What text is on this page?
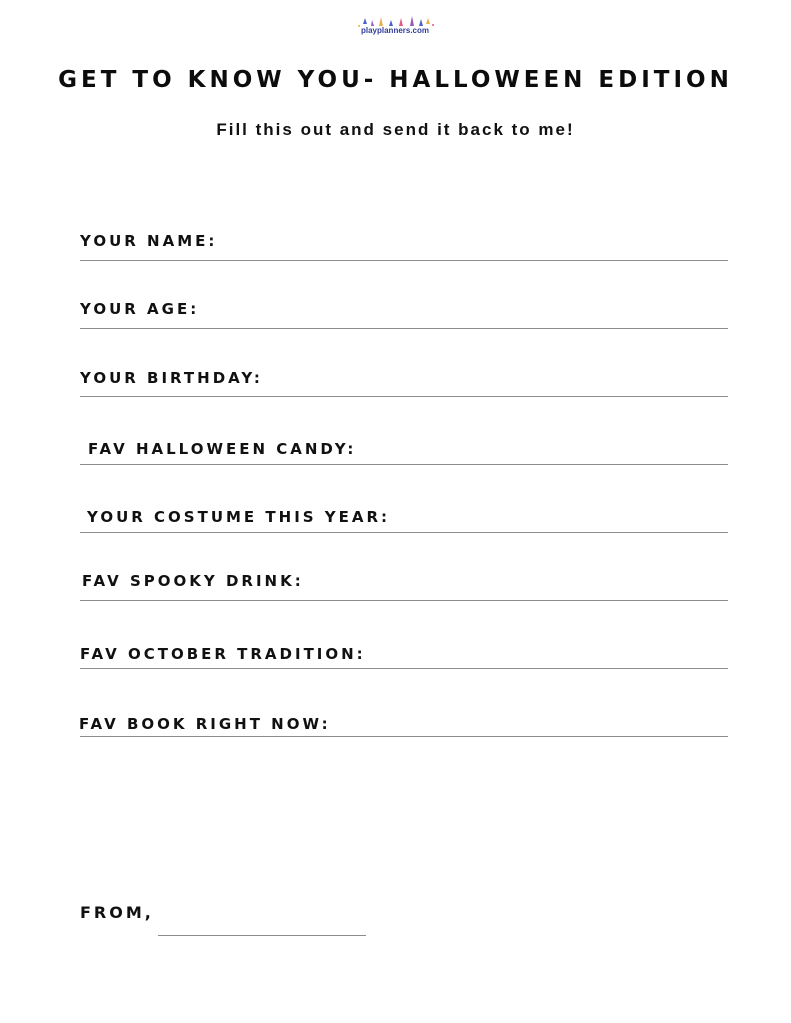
playplanners.com
GET TO KNOW YOU- HALLOWEEN EDITION
Fill this out and send it back to me!
YOUR NAME:
YOUR AGE:
YOUR BIRTHDAY:
FAV HALLOWEEN CANDY:
YOUR COSTUME THIS YEAR:
FAV SPOOKY DRINK:
FAV OCTOBER TRADITION:
FAV BOOK RIGHT NOW:
FROM,
